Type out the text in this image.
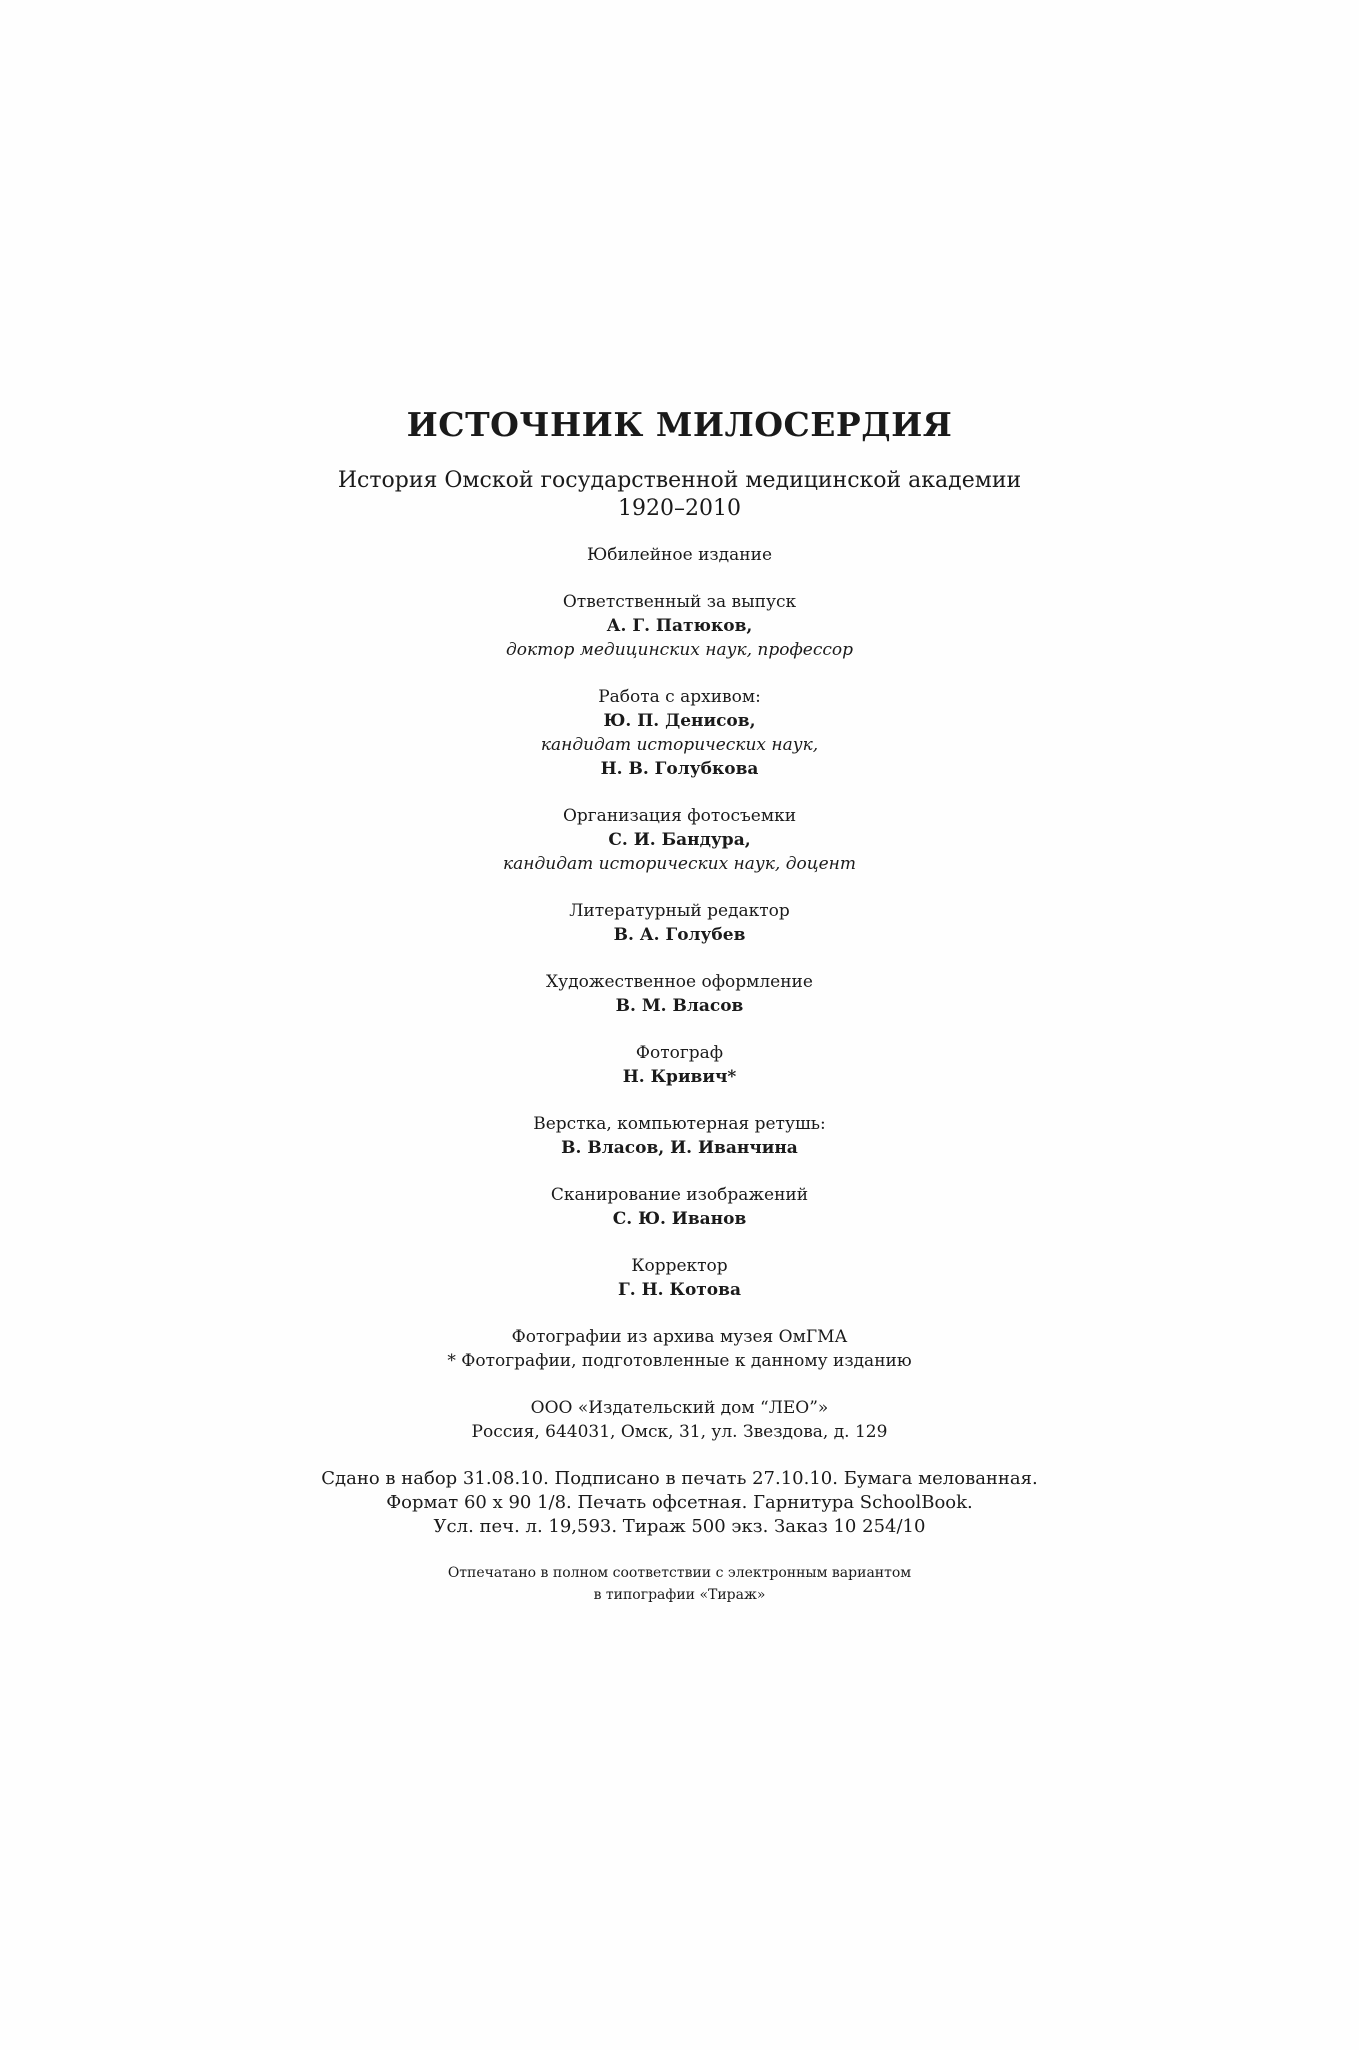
ИСТОЧНИК МИЛОСЕРДИЯ
История Омской государственной медицинской академии
1920–2010
Юбилейное издание
Ответственный за выпуск
А. Г. Патюков,
доктор медицинских наук, профессор
Работа с архивом:
Ю. П. Денисов,
кандидат исторических наук,
Н. В. Голубкова
Организация фотосъемки
С. И. Бандура,
кандидат исторических наук, доцент
Литературный редактор
В. А. Голубев
Художественное оформление
В. М. Власов
Фотограф
Н. Кривич*
Верстка, компьютерная ретушь:
В. Власов, И. Иванчина
Сканирование изображений
С. Ю. Иванов
Корректор
Г. Н. Котова
Фотографии из архива музея ОмГМА
* Фотографии, подготовленные к данному изданию
ООО «Издательский дом “ЛЕО”»
Россия, 644031, Омск, 31, ул. Звездова, д. 129
Сдано в набор 31.08.10. Подписано в печать 27.10.10. Бумага мелованная.
Формат 60 х 90 1/8. Печать офсетная. Гарнитура SchoolBook.
Усл. печ. л. 19,593. Тираж 500 экз. Заказ 10 254/10
Отпечатано в полном соответствии с электронным вариантом
в типографии «Тираж»
